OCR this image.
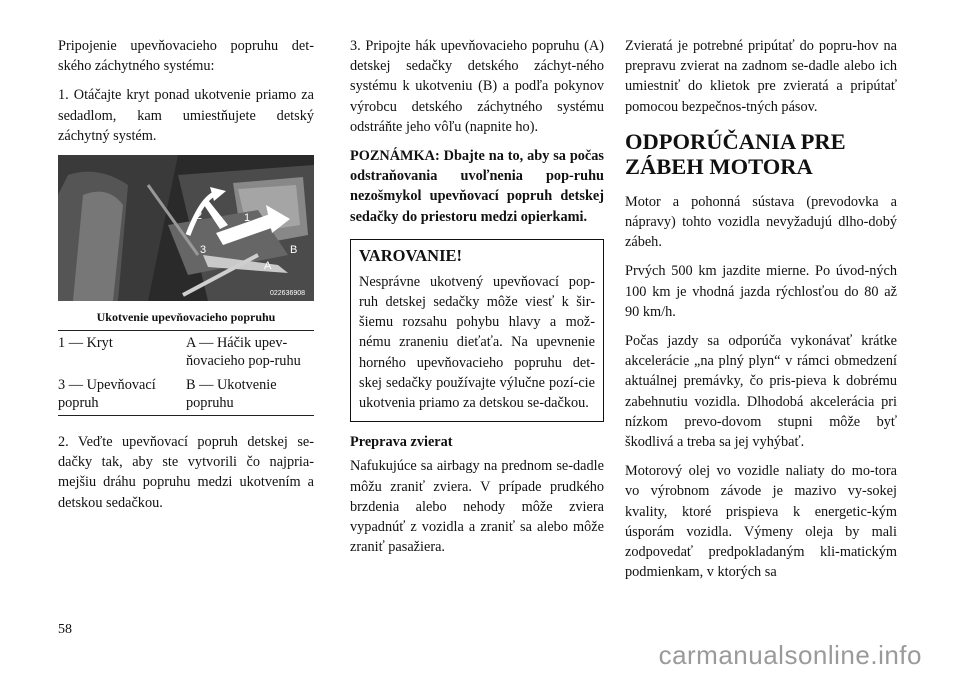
Pripojenie upevňovacieho popruhu det-ského záchytného systému:

1. Otáčajte kryt ponad ukotvenie priamo za sedadlom, kam umiestňujete detský záchytný systém.

1
2
3
A
B
022636908
Ukotvenie upevňovacieho popruhu
1 — Kryt	A — Háčik upev-ňovacieho pop-ruhu
3 — Upevňovací popruh	B — Ukotvenie popruhu

2. Veďte upevňovací popruh detskej se-dačky tak, aby ste vytvorili čo najpria-mejšiu dráhu popruhu medzi ukotvením a detskou sedačkou.

3. Pripojte hák upevňovacieho popruhu (A) detskej sedačky detského záchyt-ného systému k ukotveniu (B) a podľa pokynov výrobcu detského záchytného systému odstráňte jeho vôľu (napnite ho).

POZNÁMKA: Dbajte na to, aby sa počas odstraňovania uvoľnenia pop-ruhu nezošmykol upevňovací popruh detskej sedačky do priestoru medzi opierkami.

VAROVANIE!

Nesprávne ukotvený upevňovací pop-ruh detskej sedačky môže viesť k šir-šiemu rozsahu pohybu hlavy a mož-nému zraneniu dieťaťa. Na upevnenie horného upevňovacieho popruhu det-skej sedačky používajte výlučne pozí-cie ukotvenia priamo za detskou se-dačkou.

Preprava zvierat

Nafukujúce sa airbagy na prednom se-dadle môžu zraniť zviera. V prípade prudkého brzdenia alebo nehody môže zviera vypadnúť z vozidla a zraniť sa alebo môže zraniť pasažiera.

Zvieratá je potrebné pripútať do popru-hov na prepravu zvierat na zadnom se-dadle alebo ich umiestniť do klietok pre zvieratá a pripútať pomocou bezpečnos-tných pásov.

ODPORÚČANIA PRE ZÁBEH MOTORA

Motor a pohonná sústava (prevodovka a nápravy) tohto vozidla nevyžadujú dlho-dobý zábeh.

Prvých 500 km jazdite mierne. Po úvod-ných 100 km je vhodná jazda rýchlosťou do 80 až 90 km/h.

Počas jazdy sa odporúča vykonávať krátke akcelerácie „na plný plyn“ v rámci obmedzení aktuálnej premávky, čo pris-pieva k dobrému zabehnutiu vozidla. Dlhodobá akcelerácia pri nízkom prevo-dovom stupni môže byť škodlivá a treba sa jej vyhýbať.

Motorový olej vo vozidle naliaty do mo-tora vo výrobnom závode je mazivo vy-sokej kvality, ktoré prispieva k energetic-kým úsporám vozidla. Výmeny oleja by mali zodpovedať predpokladaným kli-matickým podmienkam, v ktorých sa

58
carmanualsonline.info
